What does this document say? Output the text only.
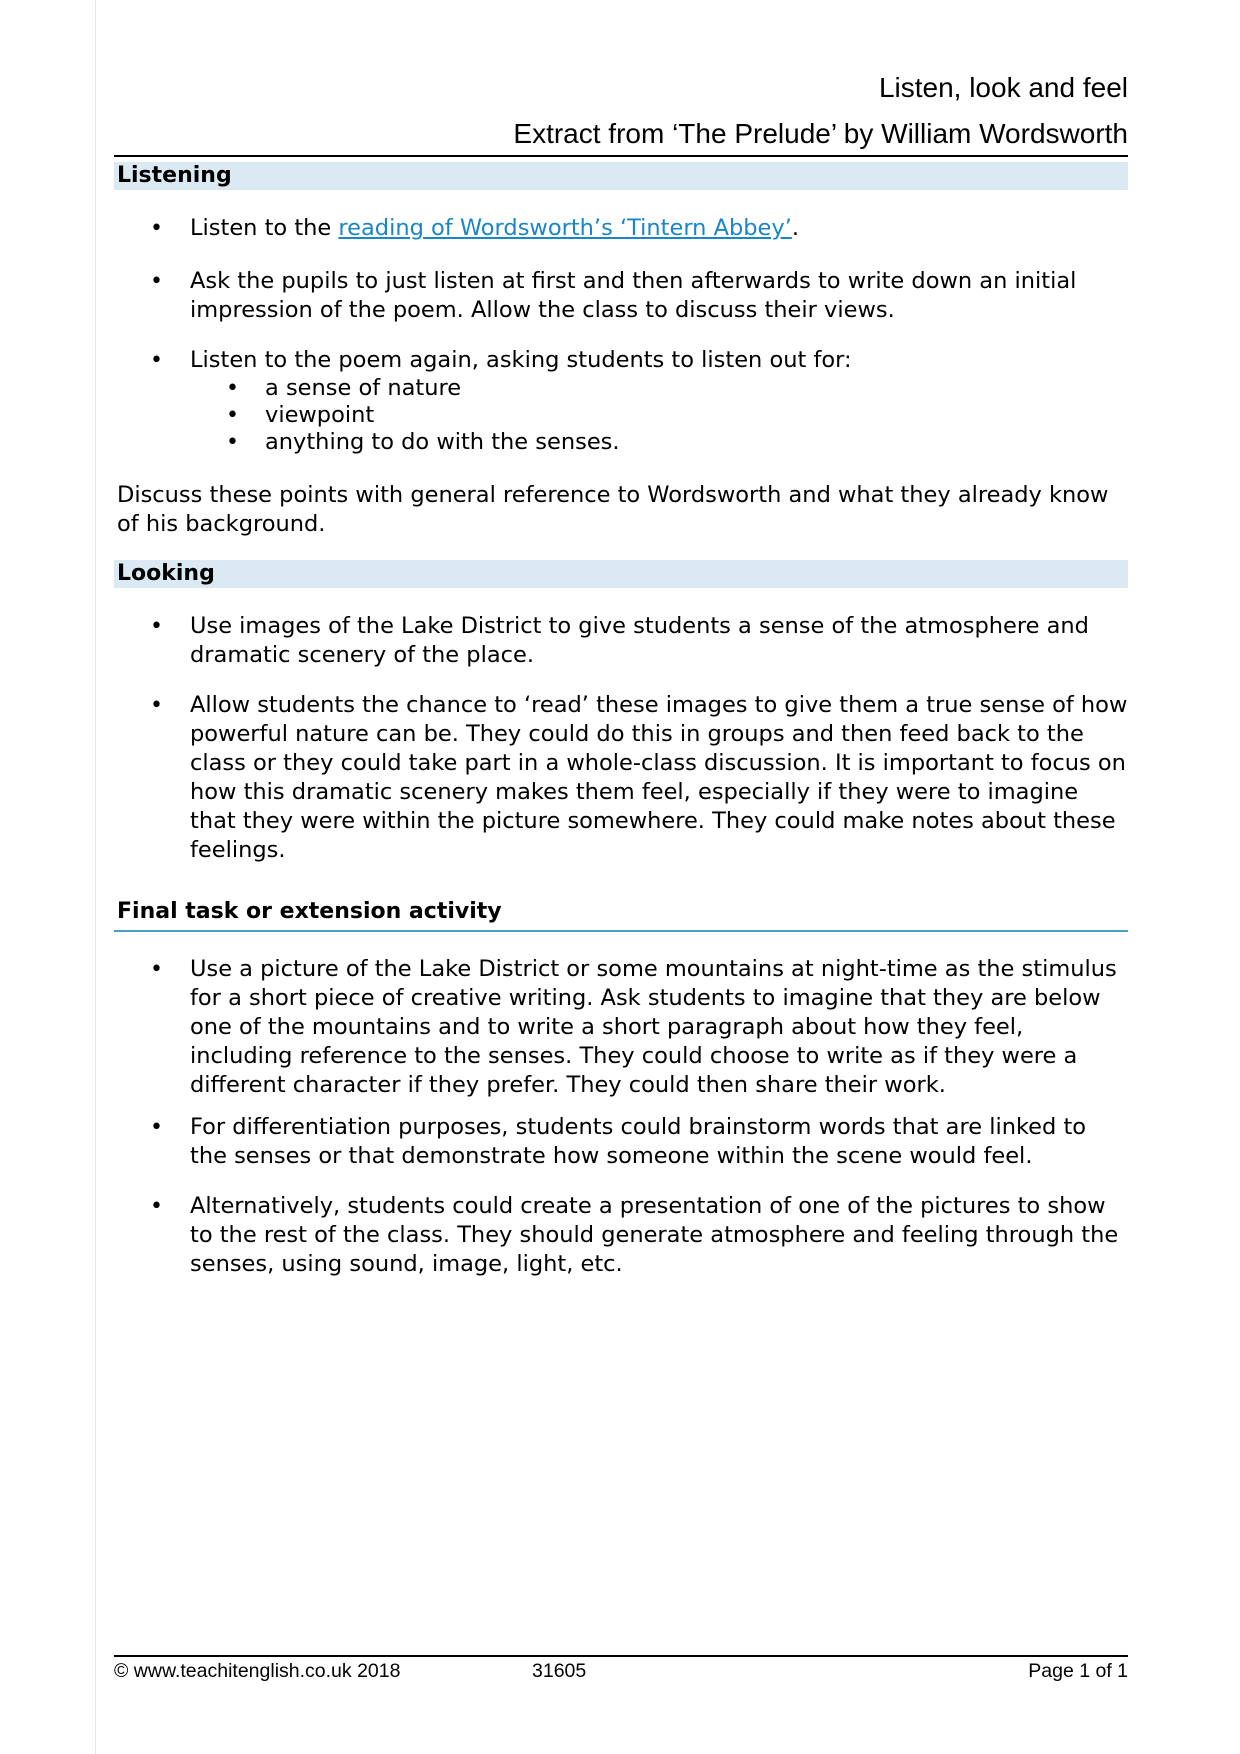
Listen, look and feel
Extract from ‘The Prelude’ by William Wordsworth
Listening
•	Listen to the reading of Wordsworth’s ‘Tintern Abbey’.
•	Ask the pupils to just listen at first and then afterwards to write down an initial impression of the poem. Allow the class to discuss their views.
•	Listen to the poem again, asking students to listen out for:
• a sense of nature
• viewpoint
• anything to do with the senses.
Discuss these points with general reference to Wordsworth and what they already know of his background.
Looking
•	Use images of the Lake District to give students a sense of the atmosphere and dramatic scenery of the place.
•	Allow students the chance to ‘read’ these images to give them a true sense of how powerful nature can be. They could do this in groups and then feed back to the class or they could take part in a whole-class discussion. It is important to focus on how this dramatic scenery makes them feel, especially if they were to imagine that they were within the picture somewhere. They could make notes about these feelings.
Final task or extension activity
•	Use a picture of the Lake District or some mountains at night-time as the stimulus for a short piece of creative writing. Ask students to imagine that they are below one of the mountains and to write a short paragraph about how they feel, including reference to the senses. They could choose to write as if they were a different character if they prefer. They could then share their work.
•	For differentiation purposes, students could brainstorm words that are linked to the senses or that demonstrate how someone within the scene would feel.
•	Alternatively, students could create a presentation of one of the pictures to show to the rest of the class. They should generate atmosphere and feeling through the senses, using sound, image, light, etc.
© www.teachitenglish.co.uk 2018	31605	Page 1 of 1
